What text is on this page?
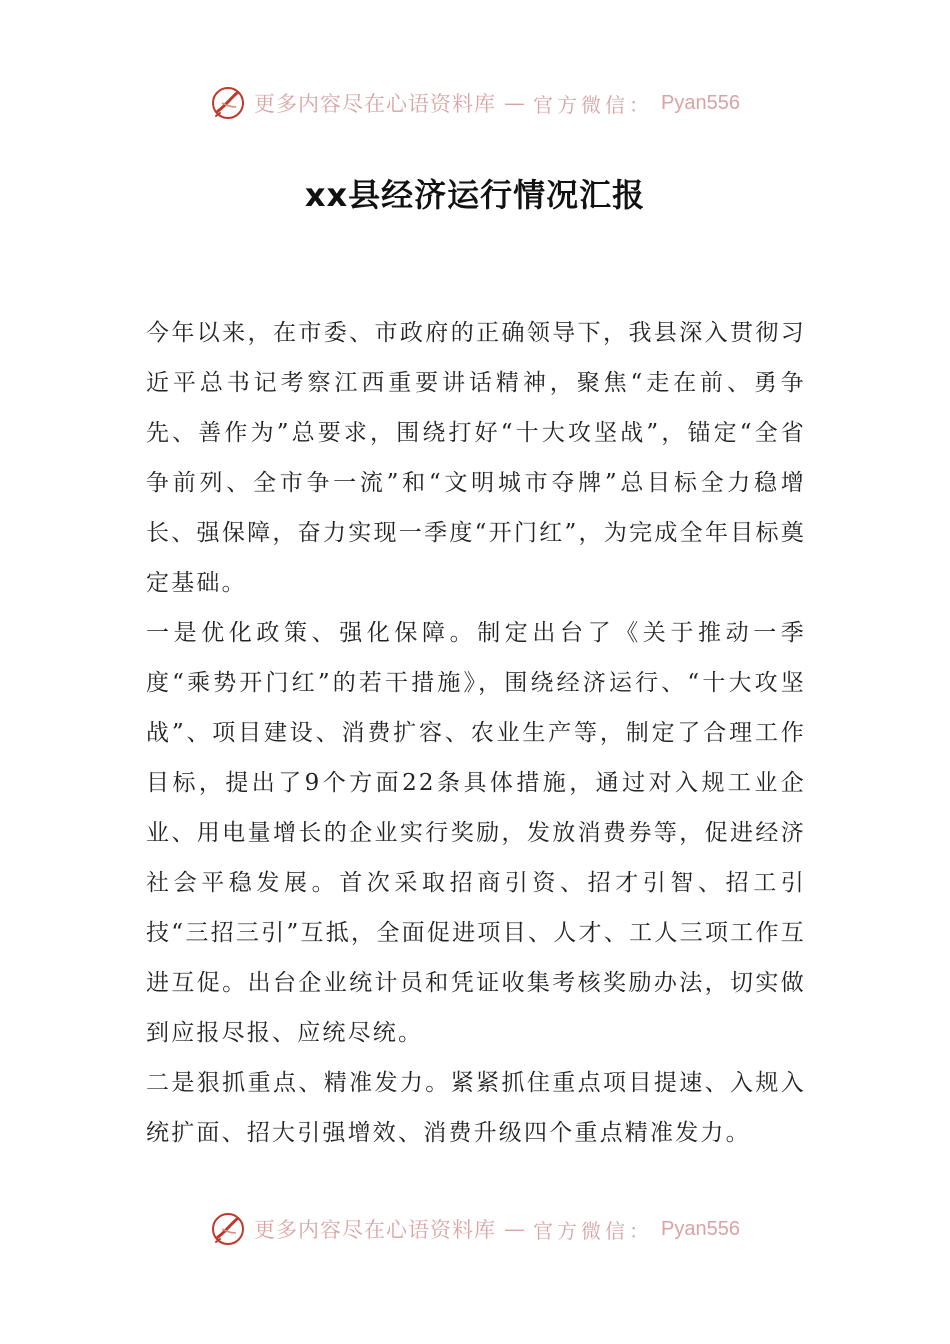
更多内容尽在心语资料库 — 官方微信： Pyan556
xx县经济运行情况汇报

今年以来，在市委、市政府的正确领导下，我县深入贯彻习近平总书记考察江西重要讲话精神，聚焦“走在前、勇争先、善作为”总要求，围绕打好“十大攻坚战”，锚定“全省争前列、全市争一流”和“文明城市夺牌”总目标全力稳增长、强保障，奋力实现一季度“开门红”，为完成全年目标奠定基础。

一是优化政策、强化保障。制定出台了《关于推动一季度“乘势开门红”的若干措施》，围绕经济运行、“十大攻坚战”、项目建设、消费扩容、农业生产等，制定了合理工作目标，提出了9个方面22条具体措施，通过对入规工业企业、用电量增长的企业实行奖励，发放消费券等，促进经济社会平稳发展。首次采取招商引资、招才引智、招工引技“三招三引”互抵，全面促进项目、人才、工人三项工作互进互促。出台企业统计员和凭证收集考核奖励办法，切实做到应报尽报、应统尽统。

二是狠抓重点、精准发力。紧紧抓住重点项目提速、入规入统扩面、招大引强增效、消费升级四个重点精准发力。

更多内容尽在心语资料库 — 官方微信： Pyan556
